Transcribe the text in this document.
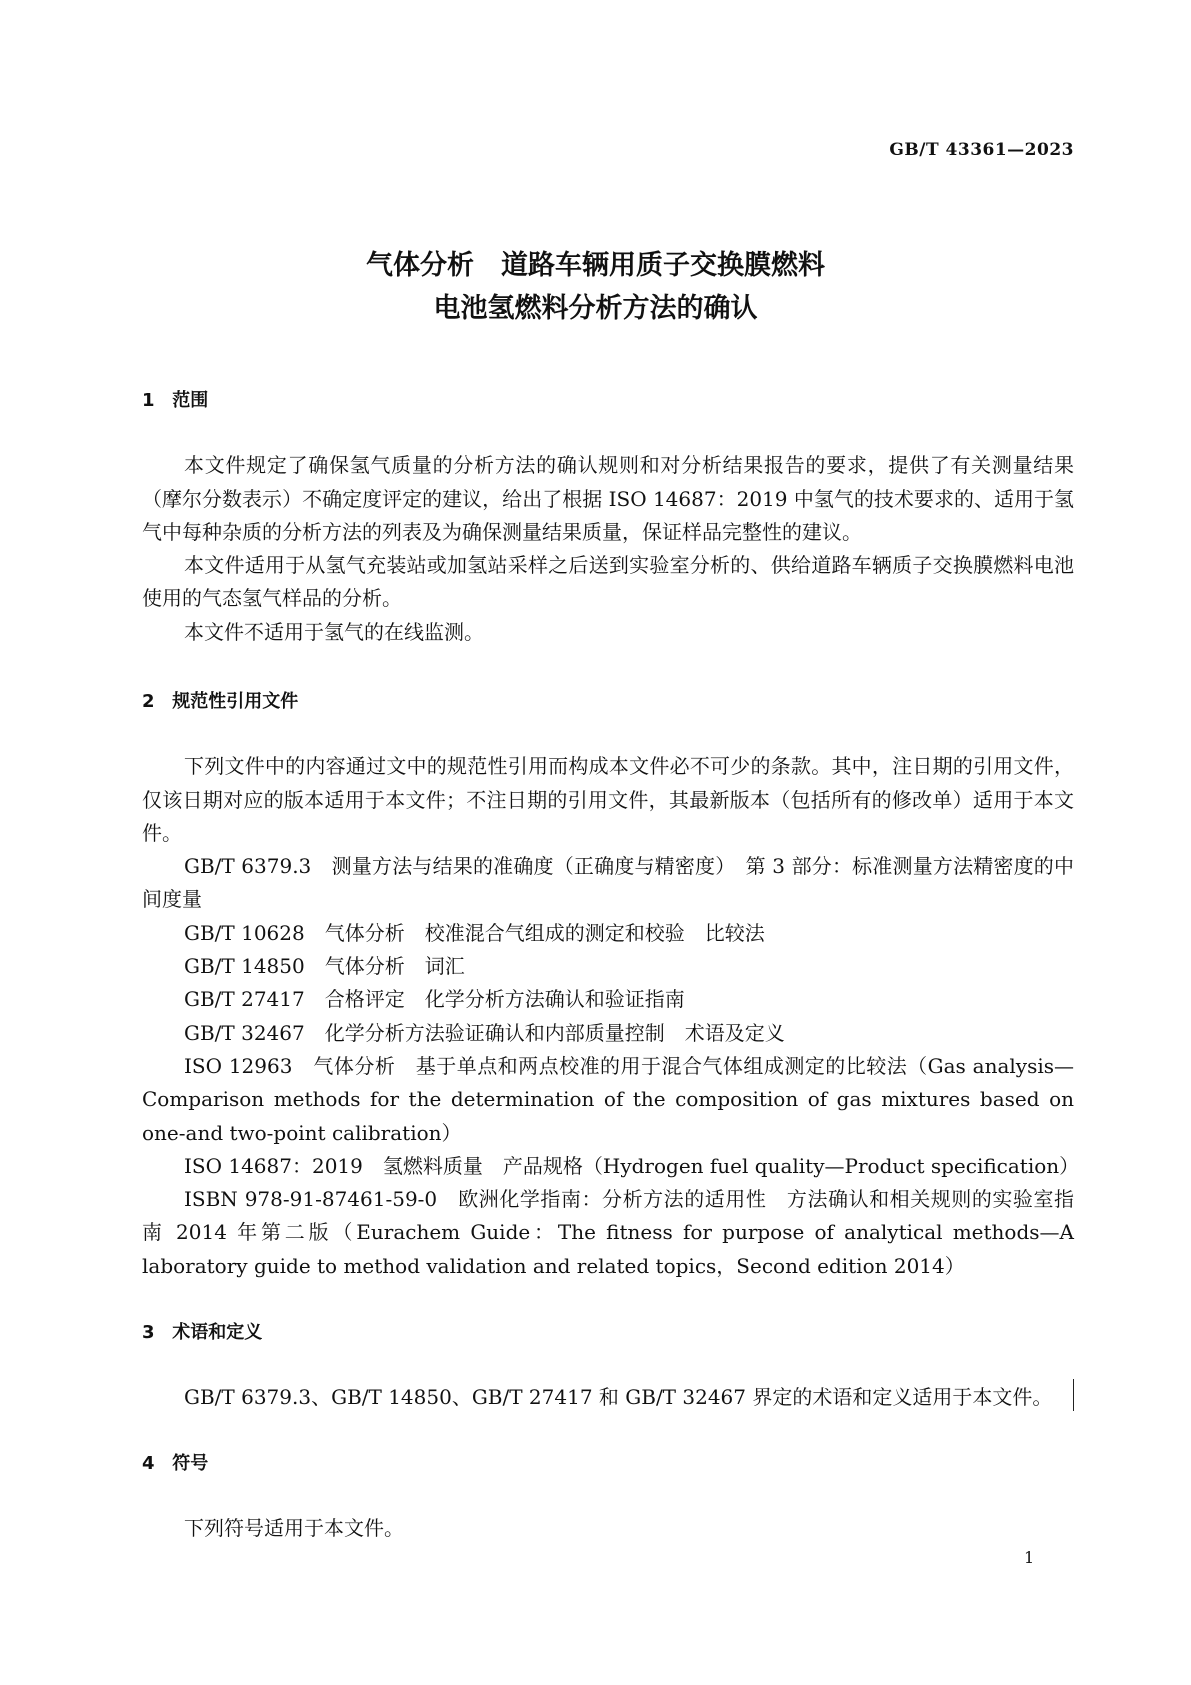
GB/T 43361—2023
气体分析　道路车辆用质子交换膜燃料
电池氢燃料分析方法的确认
1 范围

本文件规定了确保氢气质量的分析方法的确认规则和对分析结果报告的要求，提供了有关测量结果（摩尔分数表示）不确定度评定的建议，给出了根据 ISO 14687：2019 中氢气的技术要求的、适用于氢气中每种杂质的分析方法的列表及为确保测量结果质量，保证样品完整性的建议。

本文件适用于从氢气充装站或加氢站采样之后送到实验室分析的、供给道路车辆质子交换膜燃料电池使用的气态氢气样品的分析。

本文件不适用于氢气的在线监测。

2 规范性引用文件

下列文件中的内容通过文中的规范性引用而构成本文件必不可少的条款。其中，注日期的引用文件，仅该日期对应的版本适用于本文件；不注日期的引用文件，其最新版本（包括所有的修改单）适用于本文件。

GB/T 6379.3　测量方法与结果的准确度（正确度与精密度）　第 3 部分：标准测量方法精密度的中间度量

GB/T 10628　气体分析　校准混合气组成的测定和校验　比较法

GB/T 14850　气体分析　词汇

GB/T 27417　合格评定　化学分析方法确认和验证指南

GB/T 32467　化学分析方法验证确认和内部质量控制　术语及定义

ISO 12963　气体分析　基于单点和两点校准的用于混合气体组成测定的比较法（Gas analysis—Comparison methods for the determination of the composition of gas mixtures based on one-and two-point calibration）

ISO 14687：2019　氢燃料质量　产品规格（Hydrogen fuel quality—Product specification）

ISBN 978-91-87461-59-0　欧洲化学指南：分析方法的适用性　方法确认和相关规则的实验室指南 2014 年第二版（Eurachem Guide：The fitness for purpose of analytical methods—A laboratory guide to method validation and related topics，Second edition 2014）

3 术语和定义

GB/T 6379.3、GB/T 14850、GB/T 27417 和 GB/T 32467 界定的术语和定义适用于本文件。

4 符号

下列符号适用于本文件。

1
